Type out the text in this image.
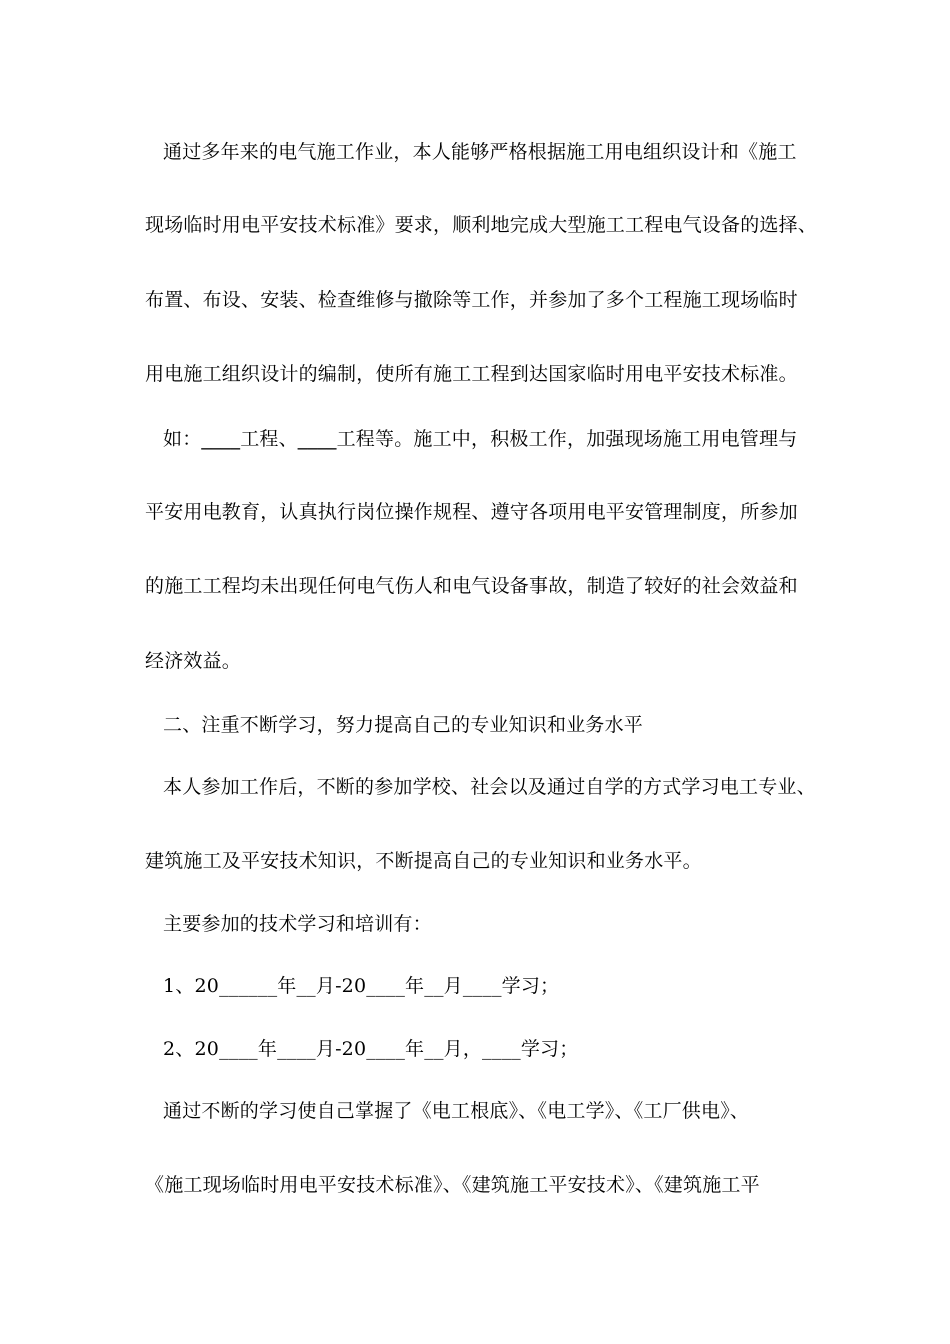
通过多年来的电气施工作业，本人能够严格根据施工用电组织设计和《施工
现场临时用电平安技术标准》要求，顺利地完成大型施工工程电气设备的选择、
布置、布设、安装、检查维修与撤除等工作，并参加了多个工程施工现场临时
用电施工组织设计的编制，使所有施工工程到达国家临时用电平安技术标准。
如：____工程、____工程等。施工中，积极工作，加强现场施工用电管理与
平安用电教育，认真执行岗位操作规程、遵守各项用电平安管理制度，所参加
的施工工程均未出现任何电气伤人和电气设备事故，制造了较好的社会效益和
经济效益。
二、注重不断学习，努力提高自己的专业知识和业务水平
本人参加工作后，不断的参加学校、社会以及通过自学的方式学习电工专业、
建筑施工及平安技术知识，不断提高自己的专业知识和业务水平。
主要参加的技术学习和培训有：
1、20______年__月-20____年__月____学习；
2、20____年____月-20____年__月，____学习；
通过不断的学习使自己掌握了《电工根底》、《电工学》、《工厂供电》、
《施工现场临时用电平安技术标准》、《建筑施工平安技术》、《建筑施工平
